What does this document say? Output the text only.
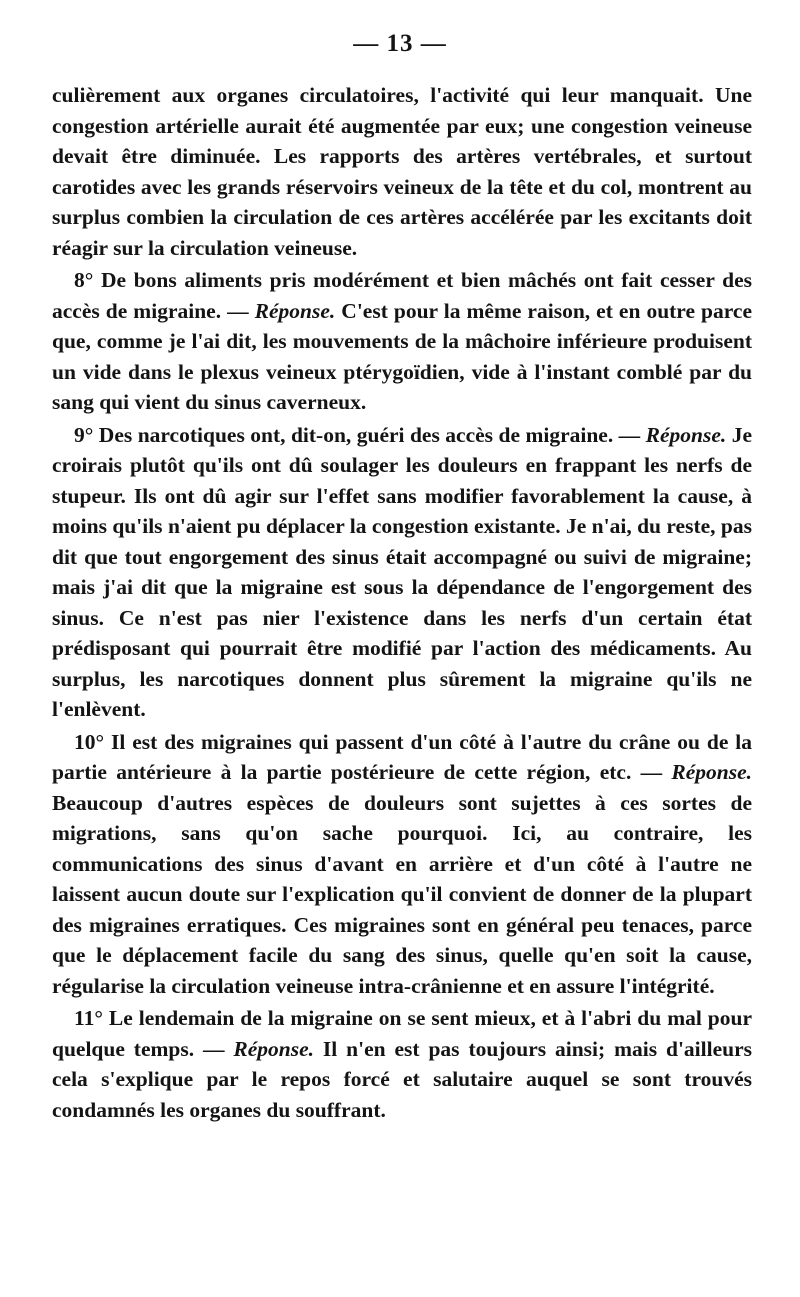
— 13 —

culièrement aux organes circulatoires, l'activité qui leur manquait. Une congestion artérielle aurait été augmentée par eux; une congestion veineuse devait être diminuée. Les rapports des artères vertébrales, et surtout carotides avec les grands réservoirs veineux de la tête et du col, montrent au surplus combien la circulation de ces artères accélérée par les excitants doit réagir sur la circulation veineuse.

8° De bons aliments pris modérément et bien mâchés ont fait cesser des accès de migraine. — Réponse. C'est pour la même raison, et en outre parce que, comme je l'ai dit, les mouvements de la mâchoire inférieure produisent un vide dans le plexus veineux ptérygoïdien, vide à l'instant comblé par du sang qui vient du sinus caverneux.

9° Des narcotiques ont, dit-on, guéri des accès de migraine. — Réponse. Je croirais plutôt qu'ils ont dû soulager les douleurs en frappant les nerfs de stupeur. Ils ont dû agir sur l'effet sans modifier favorablement la cause, à moins qu'ils n'aient pu déplacer la congestion existante. Je n'ai, du reste, pas dit que tout engorgement des sinus était accompagné ou suivi de migraine; mais j'ai dit que la migraine est sous la dépendance de l'engorgement des sinus. Ce n'est pas nier l'existence dans les nerfs d'un certain état prédisposant qui pourrait être modifié par l'action des médicaments. Au surplus, les narcotiques donnent plus sûrement la migraine qu'ils ne l'enlèvent.

10° Il est des migraines qui passent d'un côté à l'autre du crâne ou de la partie antérieure à la partie postérieure de cette région, etc. — Réponse. Beaucoup d'autres espèces de douleurs sont sujettes à ces sortes de migrations, sans qu'on sache pourquoi. Ici, au contraire, les communications des sinus d'avant en arrière et d'un côté à l'autre ne laissent aucun doute sur l'explication qu'il convient de donner de la plupart des migraines erratiques. Ces migraines sont en général peu tenaces, parce que le déplacement facile du sang des sinus, quelle qu'en soit la cause, régularise la circulation veineuse intra-crânienne et en assure l'intégrité.

11° Le lendemain de la migraine on se sent mieux, et à l'abri du mal pour quelque temps. — Réponse. Il n'en est pas toujours ainsi; mais d'ailleurs cela s'explique par le repos forcé et salutaire auquel se sont trouvés condamnés les organes du souffrant.
